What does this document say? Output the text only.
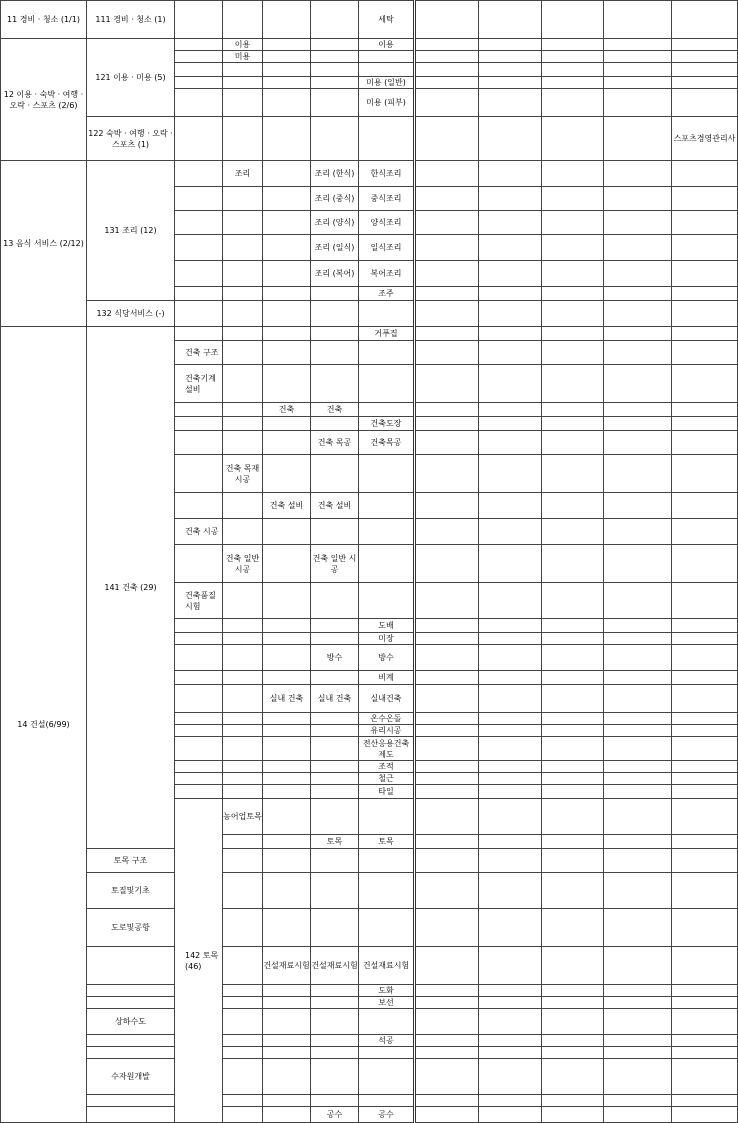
11 경비 · 청소 (1/1)	111 경비 · 청소 (1)					세탁						
12 이용 · 숙박 · 여행 · 오락 · 스포츠 (2/6)	121 이용 · 미용 (5)		이용			이용						
			미용									

						미용 (일반)						
						미용 (피부)						
	122 숙박 · 여행 · 오락 · 스포츠 (1)										스포츠경영관리사	
13 음식 서비스 (2/12)	131 조리 (12)		조리		조리 (한식)	한식조리						
					조리 (중식)	중식조리						
					조리 (양식)	양식조리						
					조리 (일식)	일식조리						
					조리 (복어)	복어조리						
						조주						
	132 식당서비스 (-)											
14 건설(6/99)	141 건축 (29)					거푸집						
		건축 구조										
		건축기계설비										
				건축	건축							
						건축도장						
					건축 목공	건축목공						
			건축 목재 시공									
				건축 설비	건축 설비							
		건축 시공										
			건축 일반 시공		건축 일반 시공							
		건축품질시험										
						도배						
						미장						
					방수	방수						
						비계						
				실내 건축	실내 건축	실내건축						
						온수온돌						
						유리시공						
						전산응용건축제도						
						조적						
						철근						
						타일						
		142 토목 (46)	농어업토목									
					토목	토목						
	토목 구조											
	토질및기초											
	도로및공항											
				건설재료시험	건설재료시험	건설재료시험						
						도화						
						보선						
	상하수도											
						석공						

	수자원개발											

					공수	공수						
